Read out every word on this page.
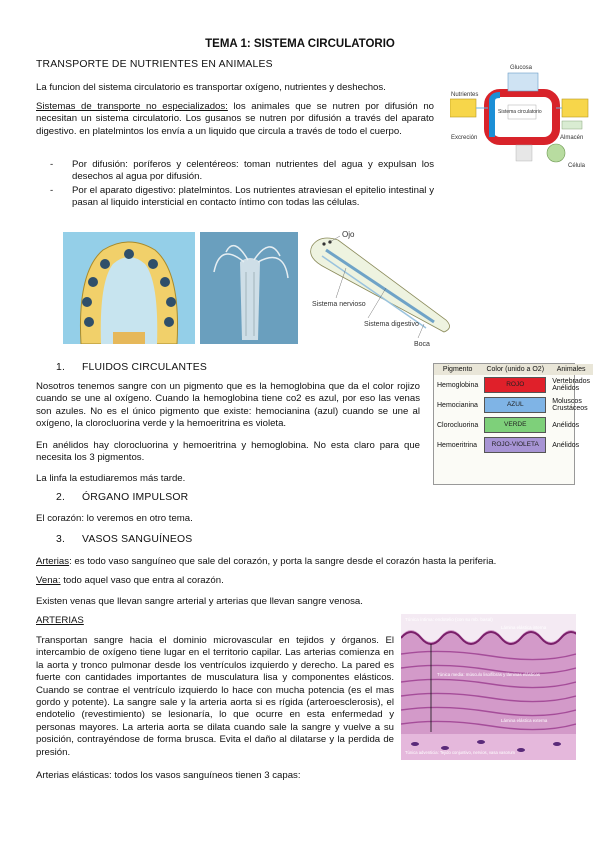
TEMA 1: SISTEMA CIRCULATORIO
TRANSPORTE DE NUTRIENTES EN ANIMALES

La funcion del sistema circulatorio es transportar oxígeno, nutrientes y deshechos.

Sistemas de transporte no especializados: los animales que se nutren por difusión no necesitan un sistema circulatorio. Los gusanos se nutren por difusión a través del aparato digestivo. en platelmintos los envía a un liquido que circula a través de todo el cuerpo.

- Por difusión: poríferos y celentéreos: toman nutrientes del agua y expulsan los desechos al agua por difusión.
- Por el aparato digestivo: platelmintos. Los nutrientes atraviesan el epitelio intestinal y pasan al liquido intersticial en contacto íntimo con todas las células.
Glucosa
Nutrientes
Sistema circulatorio
Excreción	Almacén
Célula
Ojo
Sistema nervioso
Sistema digestivo
Boca
1. FLUIDOS CIRCULANTES

Nosotros tenemos sangre con un pigmento que es la hemoglobina que da el color rojizo cuando se une al oxígeno. Cuando la hemoglobina tiene co2 es azul, por eso las venas son azules. No es el único pigmento que existe: hemocianina (azul) cuando se une al oxígeno, la clorocluorina verde y la hemoeritrina es violeta.

En anélidos hay clorocluorina y hemoeritrina y hemoglobina. No esta claro para que necesita los 3 pigmentos.

La linfa la estudiaremos más tarde.

Pigmento	Color (unido a O2)	Animales
Hemoglobina	ROJO	Vertebrados Anélidos
Hemocianina	AZUL	Moluscos Crustáceos
Clorocluorina	VERDE	Anélidos
Hemoeritrina	ROJO-VIOLETA	Anélidos
2. ÓRGANO IMPULSOR

El corazón: lo veremos en otro tema.

3. VASOS SANGUÍNEOS

Arterias: es todo vaso sanguíneo que sale del corazón, y porta la sangre desde el corazón hasta la periferia.

Vena: todo aquel vaso que entra al corazón.

Existen venas que llevan sangre arterial y arterias que llevan sangre venosa.

ARTERIAS

Transportan sangre hacia el dominio microvascular en tejidos y órganos. El intercambio de oxígeno tiene lugar en el territorio capilar. Las arterias comienza en la aorta y tronco pulmonar desde los ventrículos izquierdo y derecho. La pared es fuerte con cantidades importantes de musculatura lisa y componentes elásticos. Cuando se contrae el ventrículo izquierdo lo hace con mucha potencia (es el mas gordo y potente). La sangre sale y la arteria aorta si es rígida (arteroesclerosis), el endotelio (revestimiento) se lesionaría, lo que ocurre en esta enfermedad y personas mayores. La arteria aorta se dilata cuando sale la sangre y vuelve a su posición, contrayéndose de forma brusca. Evita el daño al dilatarse y la perdida de presión.

Arterias elásticas: todos los vasos sanguíneos tienen 3 capas:

Túnica íntima: endotelio (con su mb. basal)
Lámina elástica interna
Túnica media: músculo liso/fibras y láminas elásticas
Lámina elástica externa
Túnica adventicia: Tejido conjuntivo, nervios, vasa vasorum
